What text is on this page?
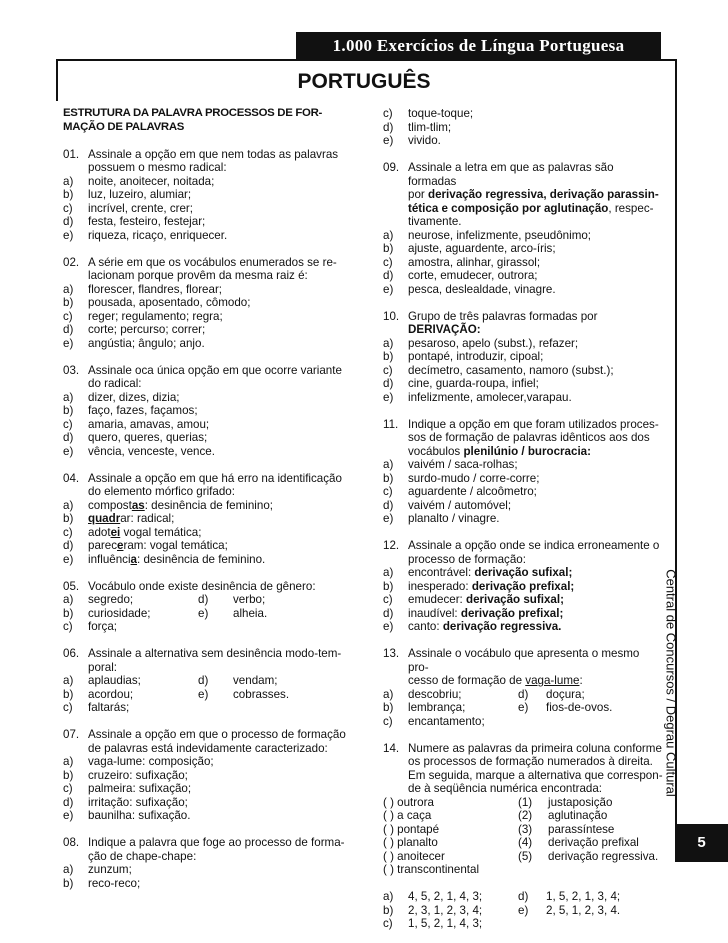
1.000 Exercícios de Língua Portuguesa
PORTUGUÊS
ESTRUTURA DA PALAVRA PROCESSOS DE FOR-
MAÇÃO DE PALAVRAS
01. Assinale a opção em que nem todas as palavras
possuem o mesmo radical:
a)	noite, anoitecer, noitada;
b)	luz, luzeiro, alumiar;
c)	incrível, crente, crer;
d)	festa, festeiro, festejar;
e)	riqueza, ricaço, enriquecer.
02. A série em que os vocábulos enumerados se re-
lacionam porque provêm da mesma raiz é:
a)	florescer, flandres, florear;
b)	pousada, aposentado, cômodo;
c)	reger; regulamento; regra;
d)	corte; percurso; correr;
e)	angústia; ângulo; anjo.
03. Assinale oca única opção em que ocorre variante
do radical:
a)	dizer, dizes, dizia;
b)	faço, fazes, façamos;
c)	amaria, amavas, amou;
d)	quero, queres, querias;
e)	vência, venceste, vence.
04. Assinale a opção em que há erro na identificação
do elemento mórfico grifado:
a)	compostas: desinência de feminino;
b)	quadrar: radical;
c)	adotei vogal temática;
d)	pareceram: vogal temática;
e)	influência: desinência de feminino.
05. Vocábulo onde existe desinência de gênero:
a)	segredo;	d)	verbo;
b)	curiosidade;	e)	alheia.
c)	força;
06. Assinale a alternativa sem desinência modo-tem-
poral:
a)	aplaudias;	d)	vendam;
b)	acordou;	e)	cobrasses.
c)	faltarás;
07. Assinale a opção em que o processo de formação
de palavras está indevidamente caracterizado:
a)	vaga-lume: composição;
b)	cruzeiro: sufixação;
c)	palmeira: sufixação;
d)	irritação: sufixação;
e)	baunilha: sufixação.
08. Indique a palavra que foge ao processo de forma-
ção de chape-chape:
a)	zunzum;
b)	reco-reco;
c)	toque-toque;
d)	tlim-tlim;
e)	vivido.
09. Assinale a letra em que as palavras são formadas
por derivação regressiva, derivação parassin-
tética e composição por aglutinação, respec-
tivamente.
a)	neurose, infelizmente, pseudônimo;
b)	ajuste, aguardente, arco-íris;
c)	amostra, alinhar, girassol;
d)	corte, emudecer, outrora;
e)	pesca, deslealdade, vinagre.
10. Grupo de três palavras formadas por DERIVAÇÃO:
a)	pesaroso, apelo (subst.), refazer;
b)	pontapé, introduzir, cipoal;
c)	decímetro, casamento, namoro (subst.);
d)	cine, guarda-roupa, infiel;
e)	infelizmente, amolecer,varapau.
11. Indique a opção em que foram utilizados proces-
sos de formação de palavras idênticos aos dos
vocábulos plenilúnio / burocracia:
a)	vaivém / saca-rolhas;
b)	surdo-mudo / corre-corre;
c)	aguardente / alcoômetro;
d)	vaivém / automóvel;
e)	planalto / vinagre.
12. Assinale a opção onde se indica erroneamente o
processo de formação:
a)	encontrável: derivação sufixal;
b)	inesperado: derivação prefixal;
c)	emudecer: derivação sufixal;
d)	inaudível: derivação prefixal;
e)	canto: derivação regressiva.
13. Assinale o vocábulo que apresenta o mesmo pro-
cesso de formação de vaga-lume:
a)	descobriu;	d)	doçura;
b)	lembrança;	e)	fios-de-ovos.
c)	encantamento;
14. Numere as palavras da primeira coluna conforme
os processos de formação numerados à direita.
Em seguida, marque a alternativa que correspon-
de à seqüência numérica encontrada:
( ) outrora	(1)	justaposição
( ) a caça	(2)	aglutinação
( ) pontapé	(3)	parassíntese
( ) planalto	(4)	derivação prefixal
( ) anoitecer	(5)	derivação regressiva.
( ) transcontinental
a)	4, 5, 2, 1, 4, 3;	d)	1, 5, 2, 1, 3, 4;
b)	2, 3, 1, 2, 3, 4;	e)	2, 5, 1, 2, 3, 4.
c)	1, 5, 2, 1, 4, 3;
Central de Concursos / Degrau Cultural
5
